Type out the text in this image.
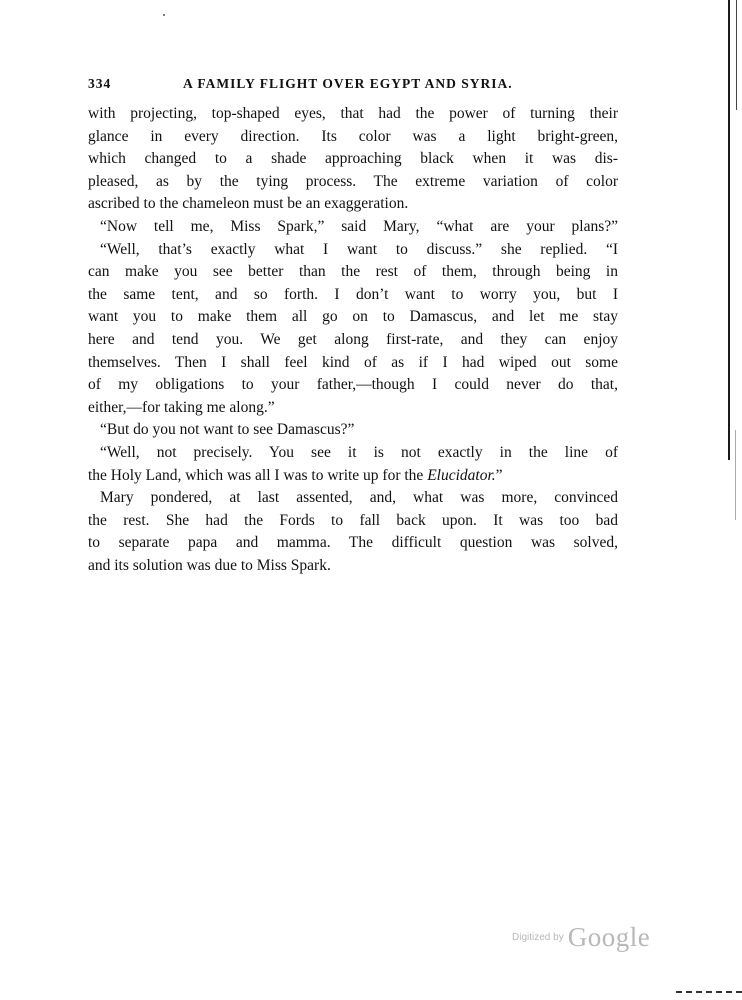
334	A FAMILY FLIGHT OVER EGYPT AND SYRIA.
with projecting, top-shaped eyes, that had the power of turning their
glance in every direction. Its color was a light bright-green,
which changed to a shade approaching black when it was dis-
pleased, as by the tying process. The extreme variation of color
ascribed to the chameleon must be an exaggeration.
“Now tell me, Miss Spark,” said Mary, “what are your plans?”
“Well, that’s exactly what I want to discuss.” she replied. “I
can make you see better than the rest of them, through being in
the same tent, and so forth. I don’t want to worry you, but I
want you to make them all go on to Damascus, and let me stay
here and tend you. We get along first-rate, and they can enjoy
themselves. Then I shall feel kind of as if I had wiped out some
of my obligations to your father,—though I could never do that,
either,—for taking me along.”
“But do you not want to see Damascus?”
“Well, not precisely. You see it is not exactly in the line of
the Holy Land, which was all I was to write up for the Elucidator.”
Mary pondered, at last assented, and, what was more, convinced
the rest. She had the Fords to fall back upon. It was too bad
to separate papa and mamma. The difficult question was solved,
and its solution was due to Miss Spark.
Digitized by Google
